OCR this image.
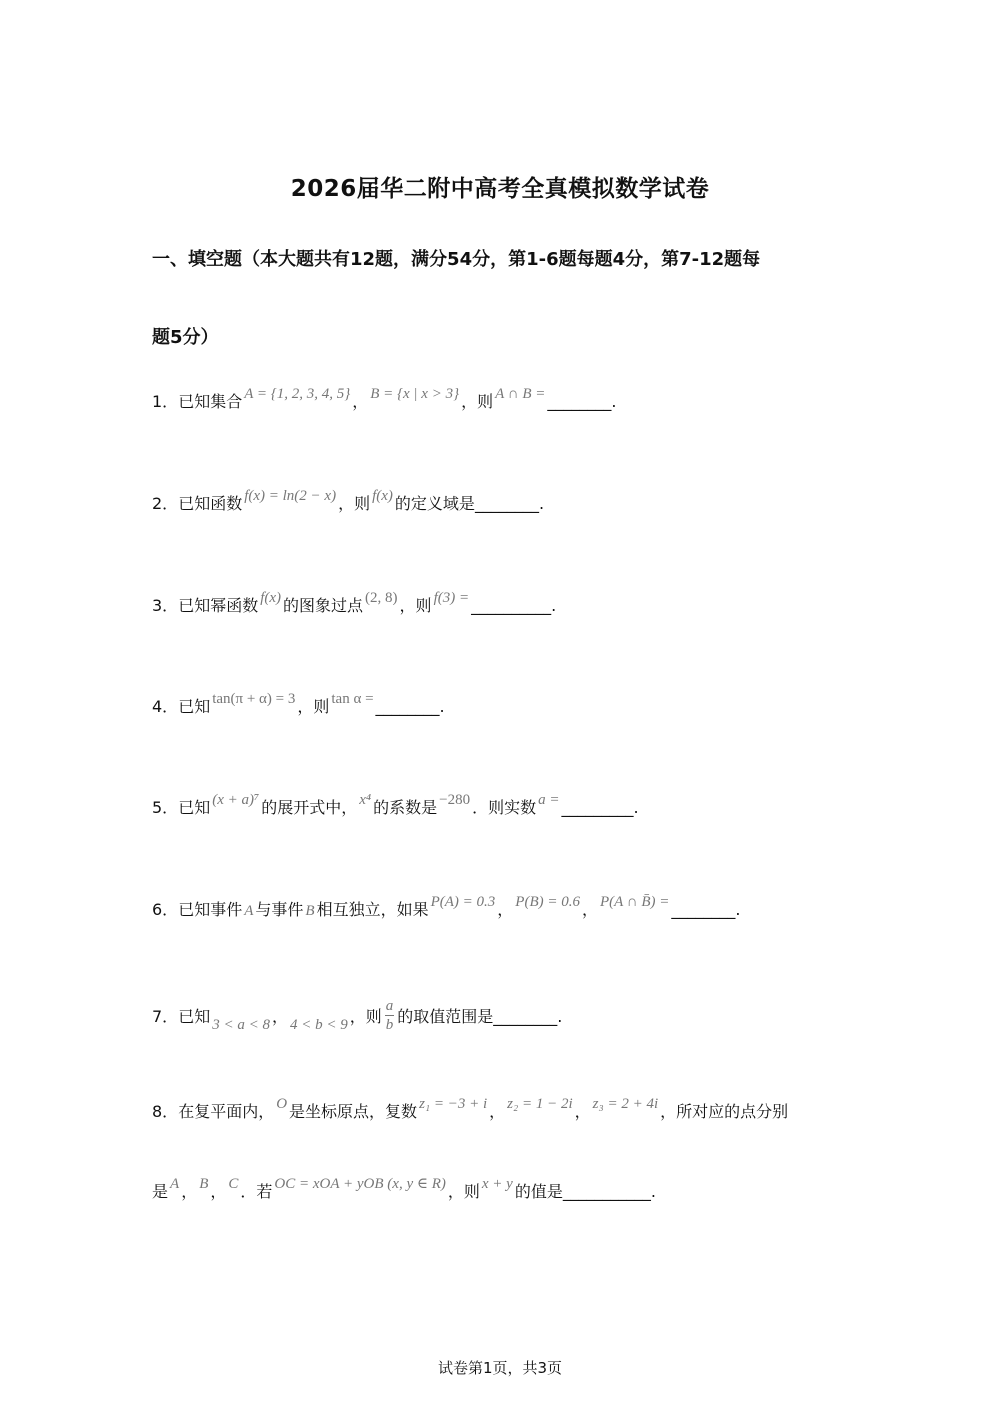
2026届华二附中高考全真模拟数学试卷
一、填空题（本大题共有12题，满分54分，第1-6题每题4分，第7-12题每
题5分）
1．已知集合 A = {1, 2, 3, 4, 5} ， B = {x | x > 3} ，则 A ∩ B = ________.
2．已知函数 f(x) = ln(2 − x) ，则 f(x) 的定义域是________.
3．已知幂函数 f(x) 的图象过点 (2, 8) ，则 f(3) = __________.
4．已知 tan(π + α) = 3 ，则 tan α = ________.
5．已知 (x + a)⁷ 的展开式中， x⁴ 的系数是 −280 ．则实数 a = _________.
6．已知事件 A 与事件 B 相互独立，如果 P(A) = 0.3 ， P(B) = 0.6 ， P(A ∩ B̄) = ________.
7．已知 3 < a < 8 ， 4 < b < 9 ，则 $\frac{a}{b}$ 的取值范围是________.
8．在复平面内， O 是坐标原点，复数 z₁ = −3 + i ， z₂ = 1 − 2i ， z₃ = 2 + 4i ，所对应的点分别
是 A ， B ， C ．若 OC = xOA + yOB (x, y ∈ R) ，则 x + y 的值是___________.
试卷第1页，共3页
